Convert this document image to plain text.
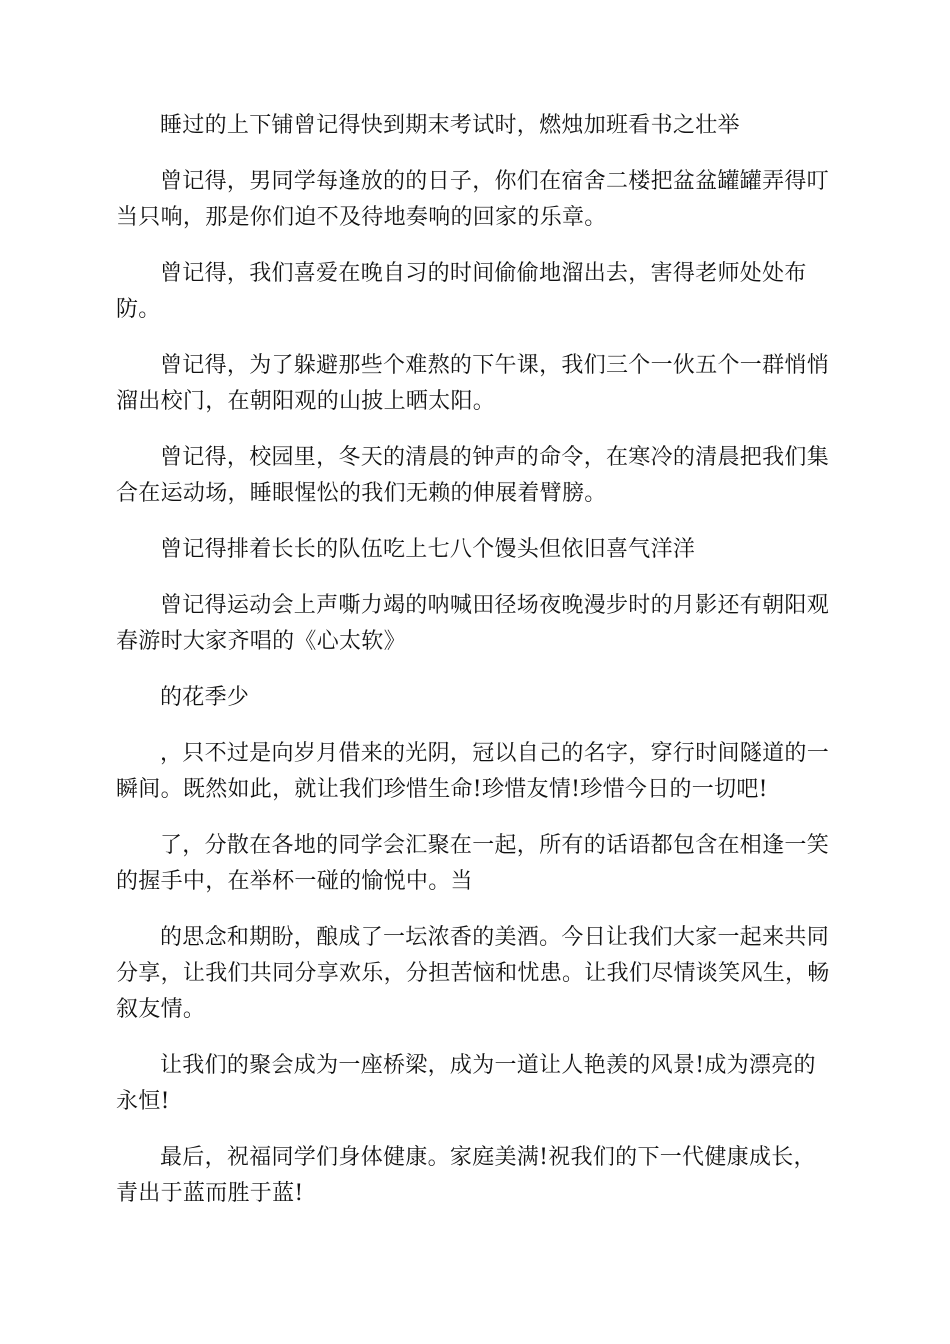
睡过的上下铺曾记得快到期末考试时，燃烛加班看书之壮举

曾记得，男同学每逢放的的日子，你们在宿舍二楼把盆盆罐罐弄得叮当只响，那是你们迫不及待地奏响的回家的乐章。

曾记得，我们喜爱在晚自习的时间偷偷地溜出去，害得老师处处布防。

曾记得，为了躲避那些个难熬的下午课，我们三个一伙五个一群悄悄溜出校门，在朝阳观的山披上晒太阳。

曾记得，校园里，冬天的清晨的钟声的命令，在寒冷的清晨把我们集合在运动场，睡眼惺忪的我们无赖的伸展着臂膀。

曾记得排着长长的队伍吃上七八个馒头但依旧喜气洋洋

曾记得运动会上声嘶力竭的呐喊田径场夜晚漫步时的月影还有朝阳观春游时大家齐唱的《心太软》

的花季少

，只不过是向岁月借来的光阴，冠以自己的名字，穿行时间隧道的一瞬间。既然如此，就让我们珍惜生命!珍惜友情!珍惜今日的一切吧!

了，分散在各地的同学会汇聚在一起，所有的话语都包含在相逢一笑的握手中，在举杯一碰的愉悦中。当

的思念和期盼，酿成了一坛浓香的美酒。今日让我们大家一起来共同分享，让我们共同分享欢乐，分担苦恼和忧患。让我们尽情谈笑风生，畅叙友情。

让我们的聚会成为一座桥梁，成为一道让人艳羡的风景!成为漂亮的永恒!

最后，祝福同学们身体健康。家庭美满!祝我们的下一代健康成长，青出于蓝而胜于蓝!
